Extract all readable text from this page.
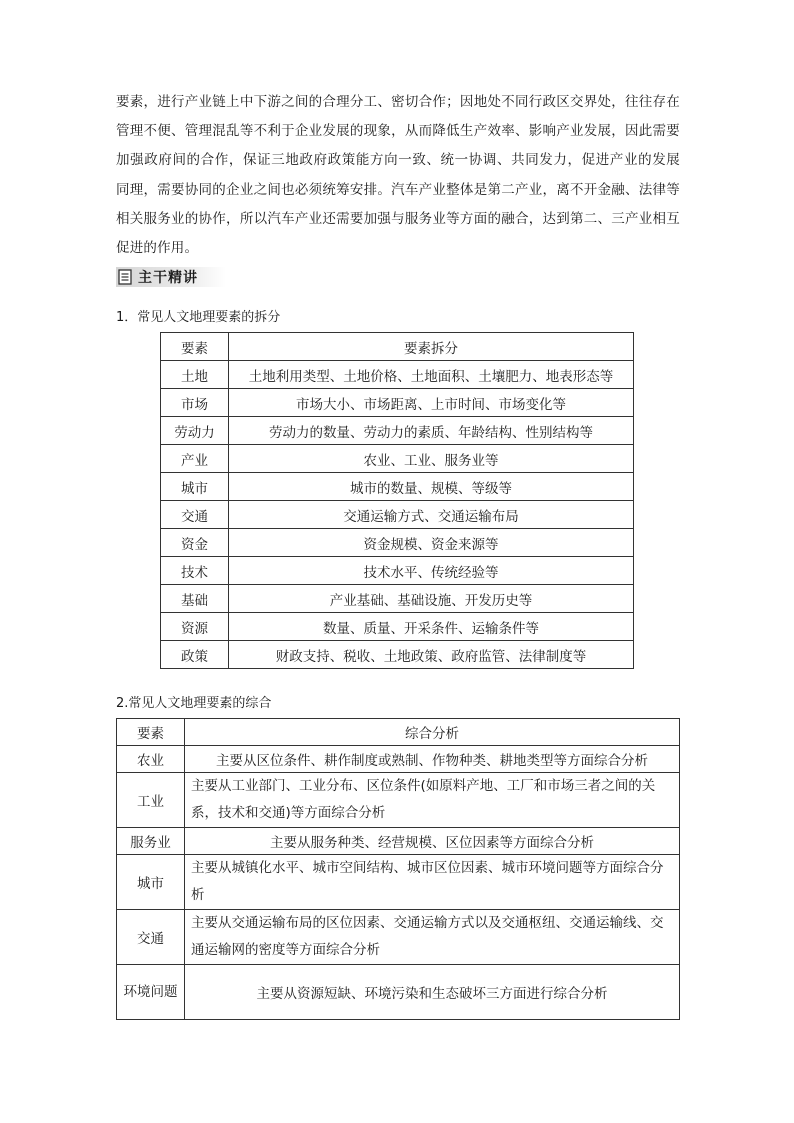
要素，进行产业链上中下游之间的合理分工、密切合作；因地处不同行政区交界处，往往存在管理不便、管理混乱等不利于企业发展的现象，从而降低生产效率、影响产业发展，因此需要加强政府间的合作，保证三地政府政策能方向一致、统一协调、共同发力，促进产业的发展 同理，需要协同的企业之间也必须统筹安排。汽车产业整体是第二产业，离不开金融、法律等相关服务业的协作，所以汽车产业还需要加强与服务业等方面的融合，达到第二、三产业相互促进的作用。
主干精讲
1．常见人文地理要素的拆分
要素	要素拆分
土地	土地利用类型、土地价格、土地面积、土壤肥力、地表形态等
市场	市场大小、市场距离、上市时间、市场变化等
劳动力	劳动力的数量、劳动力的素质、年龄结构、性别结构等
产业	农业、工业、服务业等
城市	城市的数量、规模、等级等
交通	交通运输方式、交通运输布局
资金	资金规模、资金来源等
技术	技术水平、传统经验等
基础	产业基础、基础设施、开发历史等
资源	数量、质量、开采条件、运输条件等
政策	财政支持、税收、土地政策、政府监管、法律制度等
2.常见人文地理要素的综合
要素	综合分析
农业	主要从区位条件、耕作制度或熟制、作物种类、耕地类型等方面综合分析
工业	主要从工业部门、工业分布、区位条件(如原料产地、工厂和市场三者之间的关系，技术和交通)等方面综合分析
服务业	主要从服务种类、经营规模、区位因素等方面综合分析
城市	主要从城镇化水平、城市空间结构、城市区位因素、城市环境问题等方面综合分析
交通	主要从交通运输布局的区位因素、交通运输方式以及交通枢纽、交通运输线、交通运输网的密度等方面综合分析
环境问题	主要从资源短缺、环境污染和生态破坏三方面进行综合分析
